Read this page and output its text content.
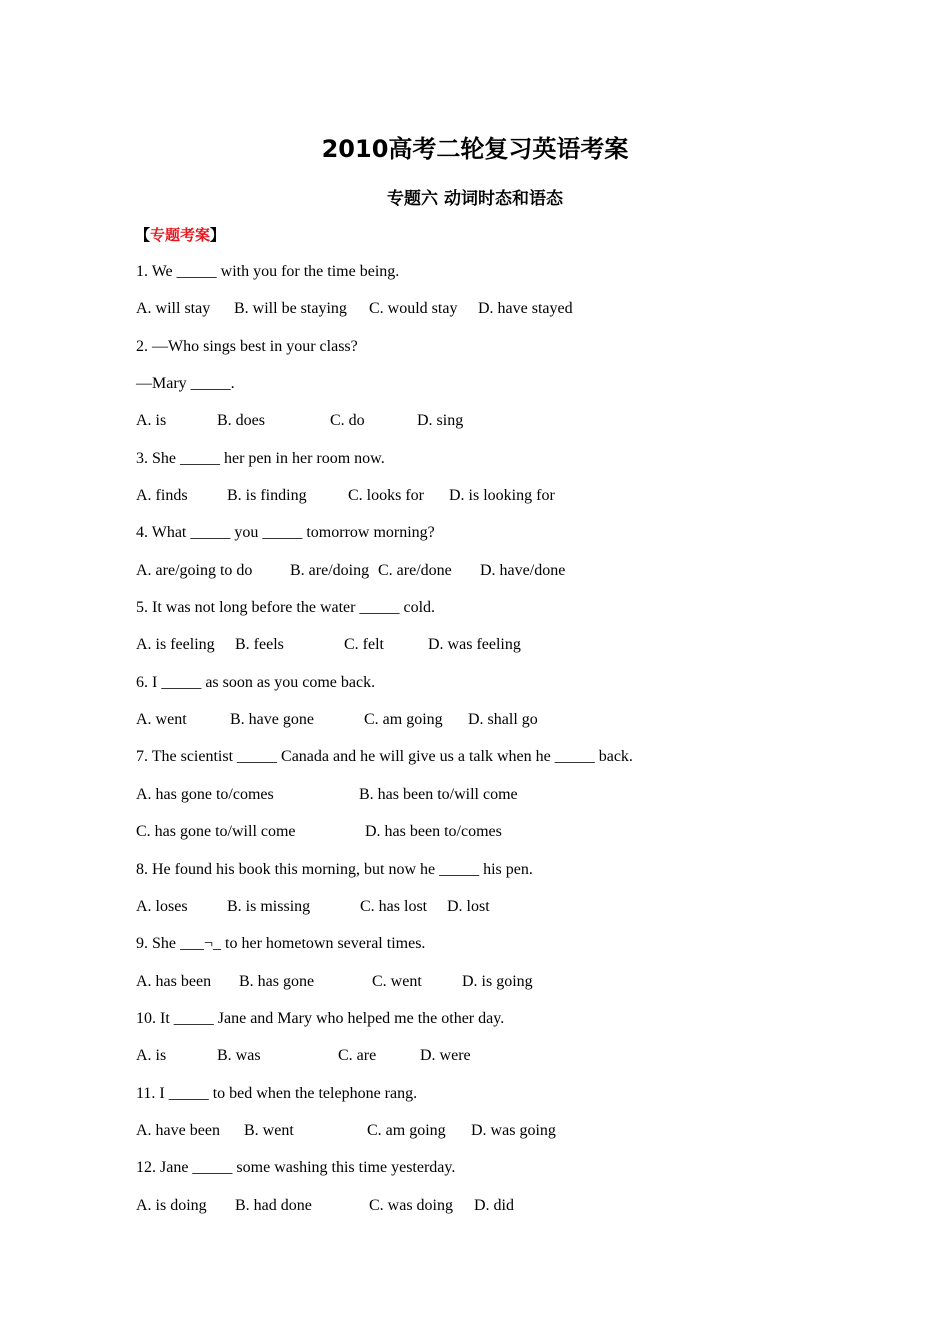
2010高考二轮复习英语考案
专题六 动词时态和语态
【专题考案】
1. We _____ with you for the time being.
A. will stay B. will be staying C. would stay D. have stayed
2. —Who sings best in your class?
—Mary _____.
A. is	B. does	C. do	D. sing
3. She _____ her pen in her room now.
A. finds B. is finding	C. looks for D. is looking for
4. What _____ you _____ tomorrow morning?
A. are/going to do B. are/doing C. are/done D. have/done
5. It was not long before the water _____ cold.
A. is feeling B. feels	C. felt	D. was feeling
6. I _____ as soon as you come back.
A. went	B. have gone	C. am going D. shall go
7. The scientist _____ Canada and he will give us a talk when he _____ back.
A. has gone to/comes	B. has been to/will come
C. has gone to/will come	D. has been to/comes
8. He found his book this morning, but now he _____ his pen.
A. loses B. is missing	C. has lost D. lost
9. She ___¬_ to her hometown several times.
A. has been B. has gone	C. went	D. is going
10. It _____ Jane and Mary who helped me the other day.
A. is	B. was	C. are	D. were
11. I _____ to bed when the telephone rang.
A. have been B. went	C. am going D. was going
12. Jane _____ some washing this time yesterday.
A. is doing B. had done	C. was doing D. did
